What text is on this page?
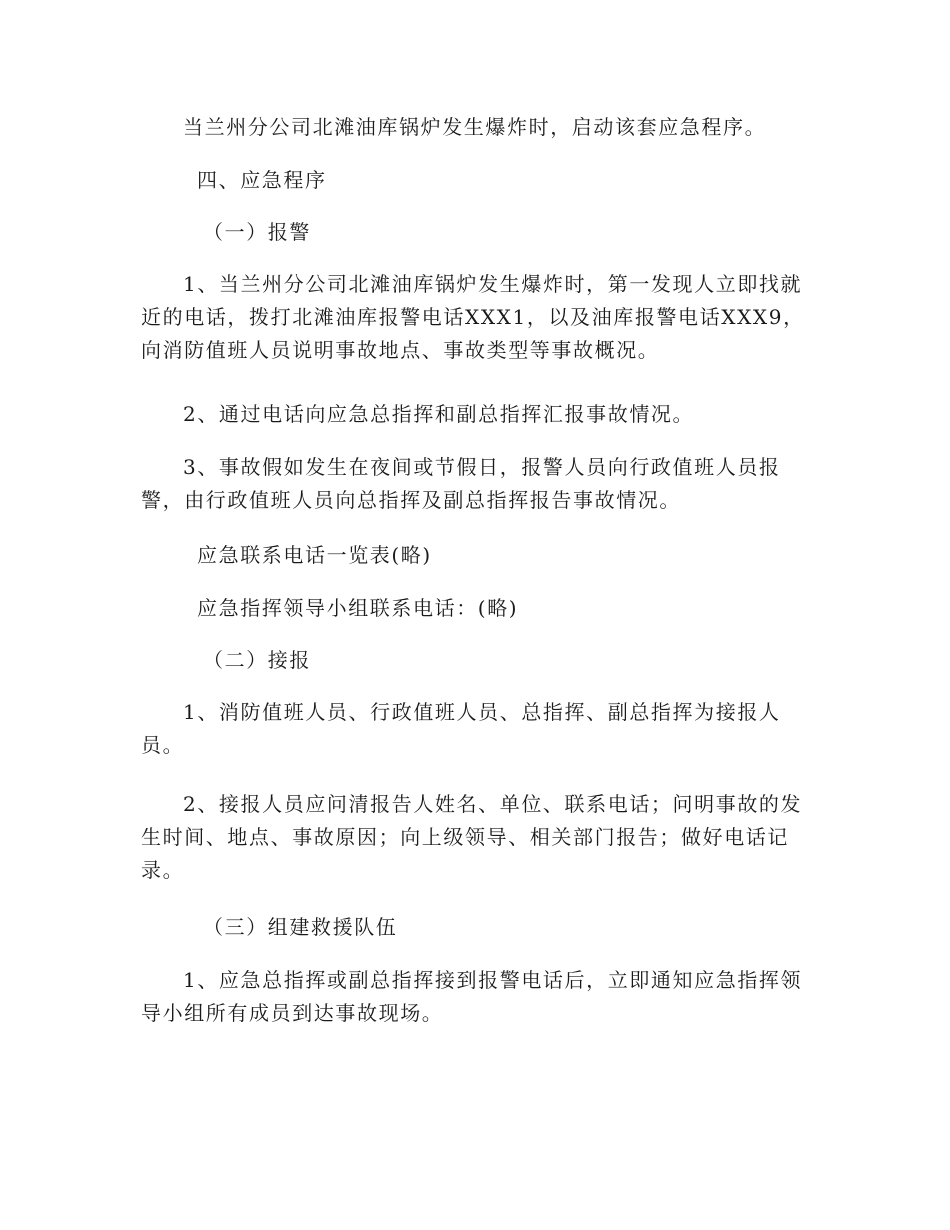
当兰州分公司北滩油库锅炉发生爆炸时，启动该套应急程序。

四、应急程序

（一）报警

1、当兰州分公司北滩油库锅炉发生爆炸时，第一发现人立即找就近的电话，拨打北滩油库报警电话XXX1，以及油库报警电话XXX9，向消防值班人员说明事故地点、事故类型等事故概况。

2、通过电话向应急总指挥和副总指挥汇报事故情况。

3、事故假如发生在夜间或节假日，报警人员向行政值班人员报警，由行政值班人员向总指挥及副总指挥报告事故情况。

应急联系电话一览表(略)

应急指挥领导小组联系电话：(略)

（二）接报

1、消防值班人员、行政值班人员、总指挥、副总指挥为接报人员。

2、接报人员应问清报告人姓名、单位、联系电话；问明事故的发生时间、地点、事故原因；向上级领导、相关部门报告；做好电话记录。

（三）组建救援队伍

1、应急总指挥或副总指挥接到报警电话后，立即通知应急指挥领导小组所有成员到达事故现场。
